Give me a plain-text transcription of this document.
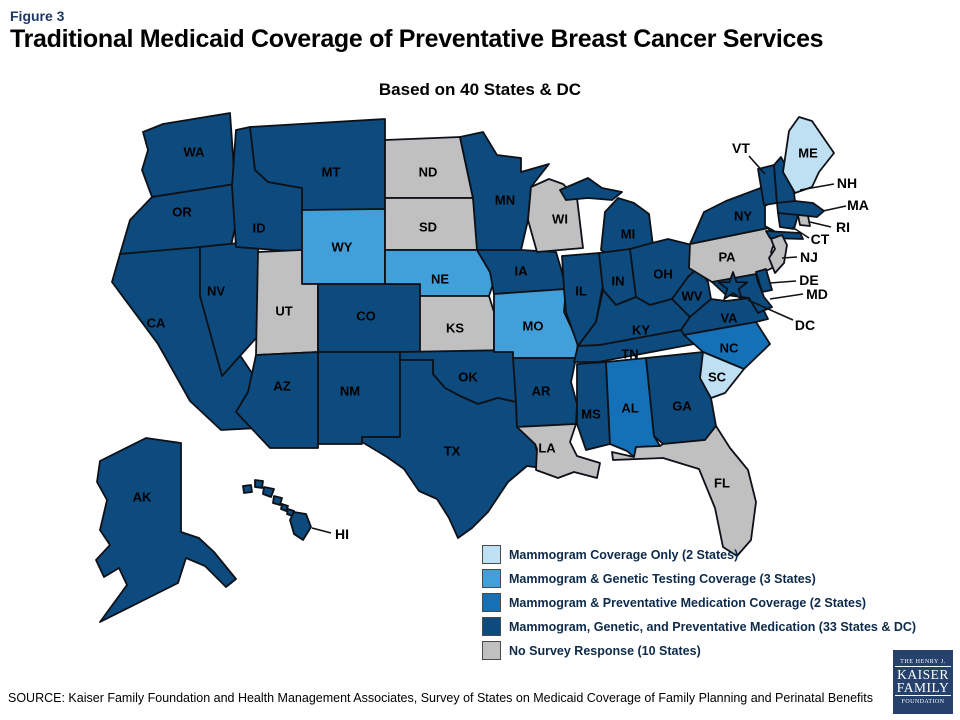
Figure 3
Traditional Medicaid Coverage of Preventative Breast Cancer Services
Based on 40 States & DC
WA
OR
CA
NV
ID
MT
WY
UT	CO
AZ	NM
ND
SD
NE
KS
OK
TX
MN
IA
MO
AR
LA
WI
IL
MI
IN OH
KY
TN
MS AL	GA
FL
WV
VA
NC
SC
PA
NY
NJ
VT
NH
ME
MA
RI
CT
DE
MD
AK
HI
DC
Mammogram Coverage Only (2 States)
Mammogram & Genetic Testing Coverage (3 States)
Mammogram & Preventative Medication Coverage (2 States)
Mammogram, Genetic, and Preventative Medication (33 States & DC)
No Survey Response (10 States)
SOURCE: Kaiser Family Foundation and Health Management Associates, Survey of States on Medicaid Coverage of Family Planning and Perinatal Benefits
THE HENRY J.
KAISER
FAMILY
FOUNDATION
